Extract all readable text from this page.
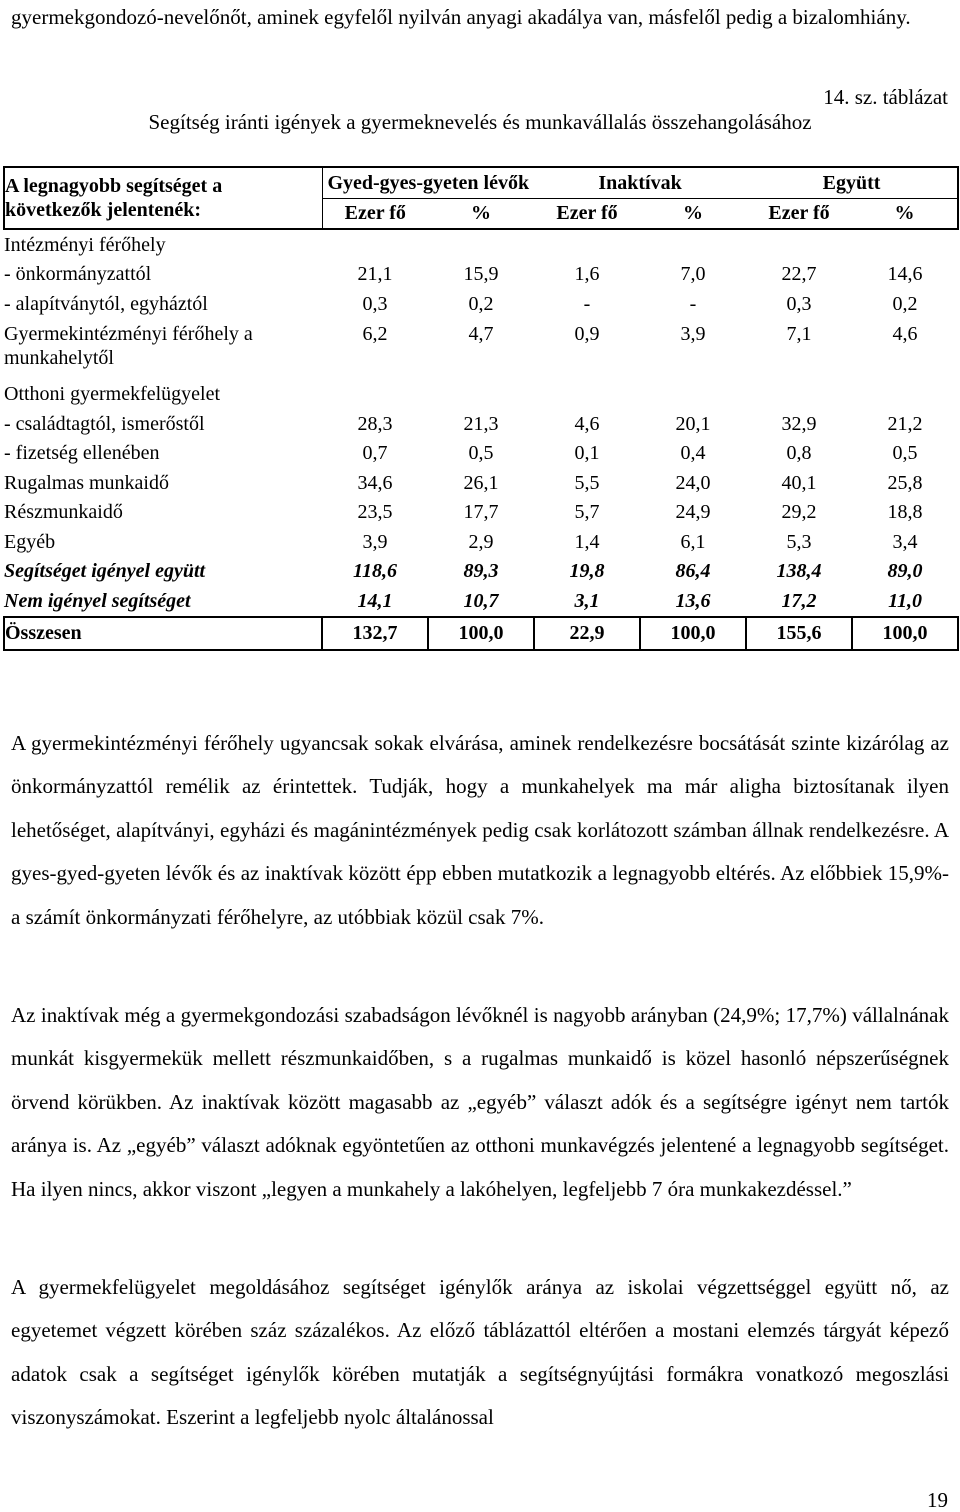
gyermekgondozó-nevelőnőt, aminek egyfelől nyilván anyagi akadálya van, másfelől pedig a bizalomhiány.

14. sz. táblázat
Segítség iránti igények a gyermeknevelés és munkavállalás összehangolásához
A legnagyobb segítséget a következők jelentenék:	Gyed-gyes-gyeten lévők		Inaktívak		Együtt	
	Ezer fő	%	Ezer fő	%	Ezer fő	%
Intézményi férőhely						
- önkormányzattól	21,1	15,9	1,6	7,0	22,7	14,6
- alapítványtól, egyháztól	0,3	0,2	-	-	0,3	0,2
Gyermekintézményi férőhely a munkahelytől	6,2	4,7	0,9	3,9	7,1	4,6
Otthoni gyermekfelügyelet						
- családtagtól, ismerőstől	28,3	21,3	4,6	20,1	32,9	21,2
- fizetség ellenében	0,7	0,5	0,1	0,4	0,8	0,5
Rugalmas munkaidő	34,6	26,1	5,5	24,0	40,1	25,8
Részmunkaidő	23,5	17,7	5,7	24,9	29,2	18,8
Egyéb	3,9	2,9	1,4	6,1	5,3	3,4
Segítséget igényel együtt	118,6	89,3	19,8	86,4	138,4	89,0
Nem igényel segítséget	14,1	10,7	3,1	13,6	17,2	11,0
Összesen	132,7	100,0	22,9	100,0	155,6	100,0

A gyermekintézményi férőhely ugyancsak sokak elvárása, aminek rendelkezésre bocsátását szinte kizárólag az önkormányzattól remélik az érintettek. Tudják, hogy a munkahelyek ma már aligha biztosítanak ilyen lehetőséget, alapítványi, egyházi és magánintézmények pedig csak korlátozott számban állnak rendelkezésre. A gyes-gyed-gyeten lévők és az inaktívak között épp ebben mutatkozik a legnagyobb eltérés. Az előbbiek 15,9%-a számít önkormányzati férőhelyre, az utóbbiak közül csak 7%.

Az inaktívak még a gyermekgondozási szabadságon lévőknél is nagyobb arányban (24,9%; 17,7%) vállalnának munkát kisgyermekük mellett részmunkaidőben, s a rugalmas munkaidő is közel hasonló népszerűségnek örvend körükben. Az inaktívak között magasabb az „egyéb” választ adók és a segítségre igényt nem tartók aránya is. Az „egyéb” választ adóknak egyöntetűen az otthoni munkavégzés jelentené a legnagyobb segítséget. Ha ilyen nincs, akkor viszont „legyen a munkahely a lakóhelyen, legfeljebb 7 óra munkakezdéssel.”

A gyermekfelügyelet megoldásához segítséget igénylők aránya az iskolai végzettséggel együtt nő, az egyetemet végzett körében száz százalékos. Az előző táblázattól eltérően a mostani elemzés tárgyát képező adatok csak a segítséget igénylők körében mutatják a segítségnyújtási formákra vonatkozó megoszlási viszonyszámokat. Eszerint a legfeljebb nyolc általánossal

19
